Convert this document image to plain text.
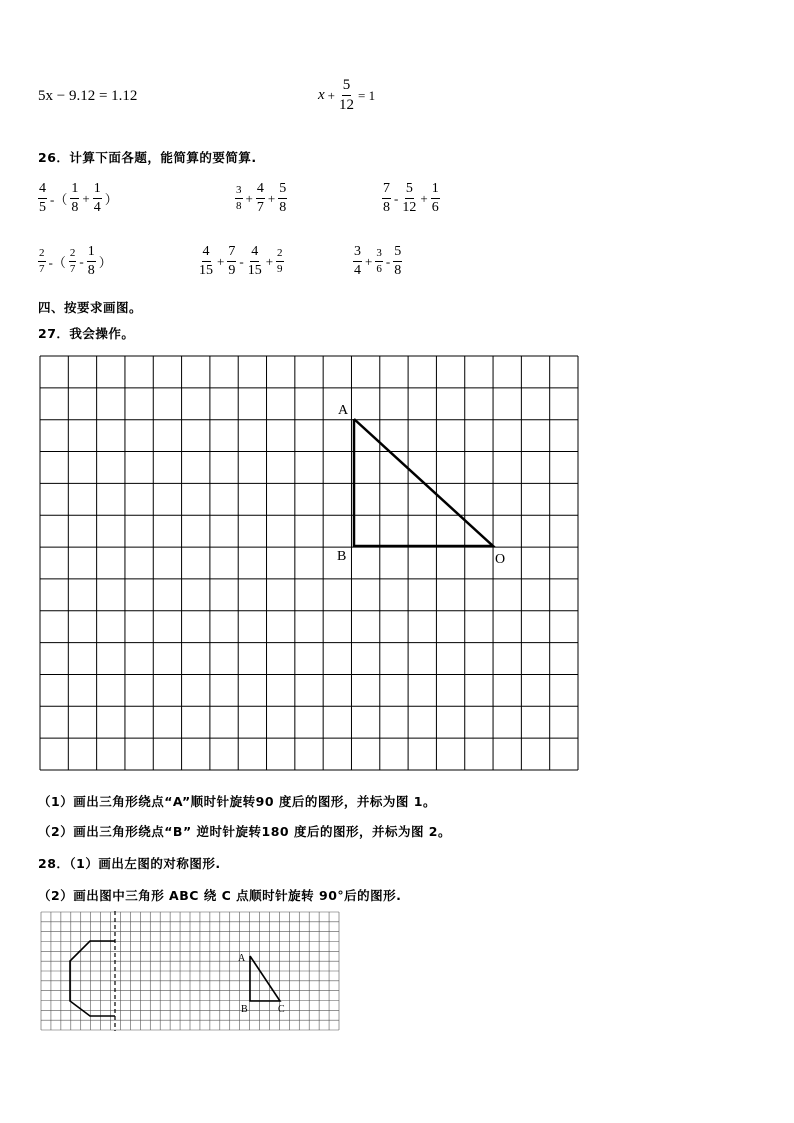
5x − 9.12 = 1.12	$x + \frac{5}{12} = 1$
26．计算下面各题，能简算的要简算.
$\frac{4}{5}$ -（ $\frac{1}{8} + \frac{1}{4}$ ）	$\frac{3}{8} + \frac{4}{7} + \frac{5}{8}$	$\frac{7}{8} - \frac{5}{12} + \frac{1}{6}$
$\frac{2}{7}$ -（ $\frac{2}{7} - \frac{1}{8}$ ）	$\frac{4}{15} + \frac{7}{9} - \frac{4}{15} + \frac{2}{9}$	$\frac{3}{4} + \frac{3}{6} - \frac{5}{8}$
四、按要求画图。
27．我会操作。
A
B	O
（1）画出三角形绕点“A”顺时针旋转90 度后的图形，并标为图 1。
（2）画出三角形绕点“B” 逆时针旋转180 度后的图形，并标为图 2。
28．（1）画出左图的对称图形.
（2）画出图中三角形 ABC 绕 C 点顺时针旋转 90°后的图形.
A
B	C
